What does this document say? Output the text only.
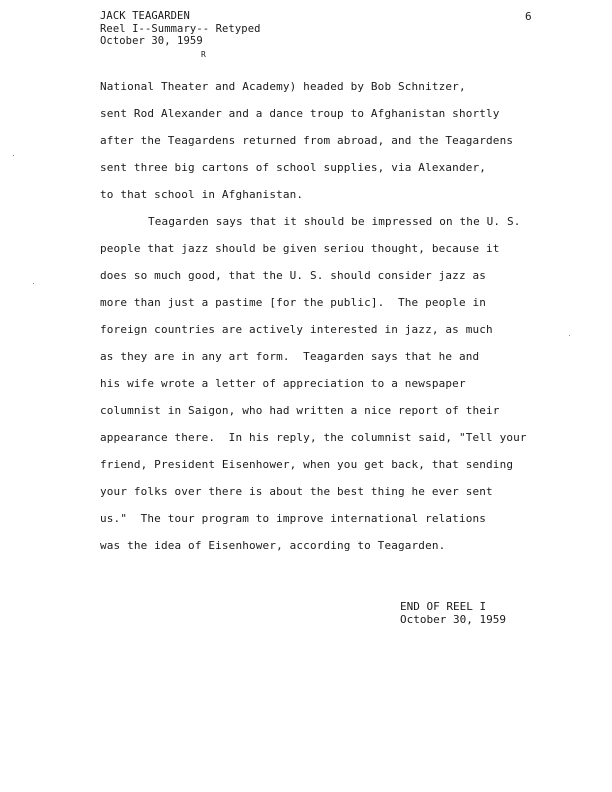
JACK TEAGARDEN
Reel I--Summary-- Retyped
October 30, 1959
R
6
National Theater and Academy) headed by Bob Schnitzer,
sent Rod Alexander and a dance troup to Afghanistan shortly
after the Teagardens returned from abroad, and the Teagardens
sent three big cartons of school supplies, via Alexander,
to that school in Afghanistan.
Teagarden says that it should be impressed on the U. S.
people that jazz should be given seriou thought, because it
does so much good, that the U. S. should consider jazz as
more than just a pastime [for the public].  The people in
foreign countries are actively interested in jazz, as much
as they are in any art form.  Teagarden says that he and
his wife wrote a letter of appreciation to a newspaper
columnist in Saigon, who had written a nice report of their
appearance there.  In his reply, the columnist said, "Tell your
friend, President Eisenhower, when you get back, that sending
your folks over there is about the best thing he ever sent
us."  The tour program to improve international relations
was the idea of Eisenhower, according to Teagarden.
END OF REEL I
October 30, 1959
